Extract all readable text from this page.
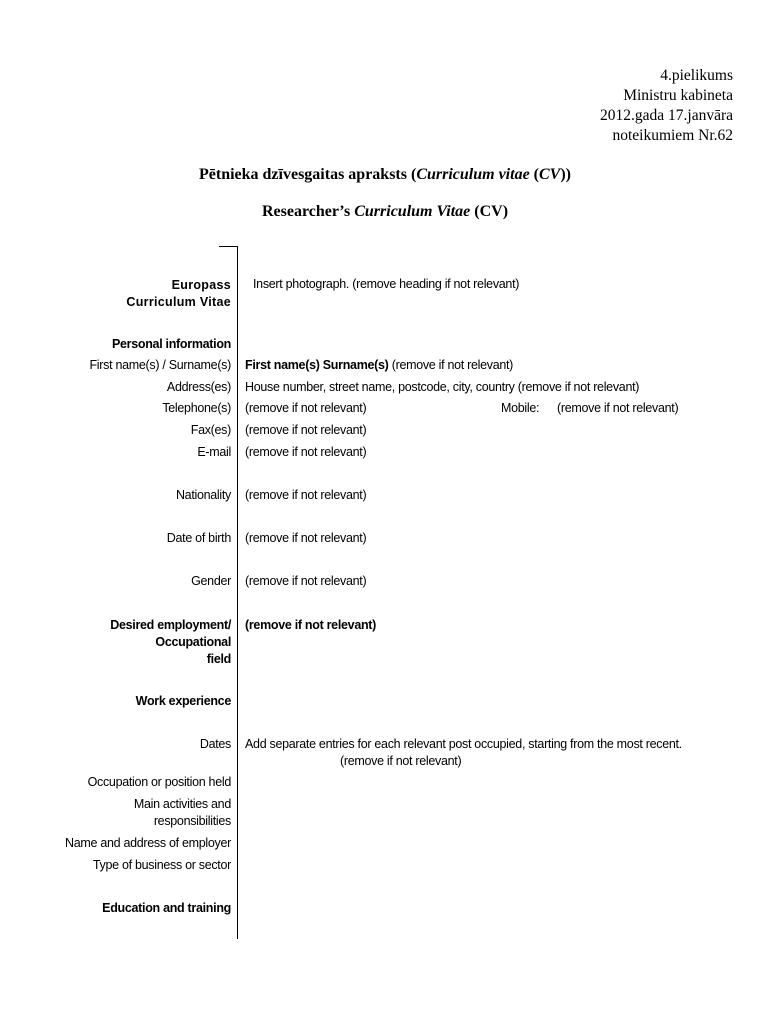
4.pielikums
Ministru kabineta
2012.gada 17.janvāra
noteikumiem Nr.62
Pētnieka dzīvesgaitas apraksts (Curriculum vitae (CV))
Researcher’s Curriculum Vitae (CV)
Europass
Curriculum Vitae
Insert photograph. (remove heading if not relevant)
Personal information
First name(s) / Surname(s) First name(s) Surname(s) (remove if not relevant)
Address(es) House number, street name, postcode, city, country (remove if not relevant)
Telephone(s) (remove if not relevant)	Mobile: (remove if not relevant)
Fax(es) (remove if not relevant)
E-mail (remove if not relevant)
Nationality (remove if not relevant)
Date of birth (remove if not relevant)
Gender (remove if not relevant)
Desired employment/
Occupational
field
(remove if not relevant)
Work experience
Dates Add separate entries for each relevant post occupied, starting from the most recent.
(remove if not relevant)
Occupation or position held
Main activities and
responsibilities
Name and address of employer
Type of business or sector
Education and training
